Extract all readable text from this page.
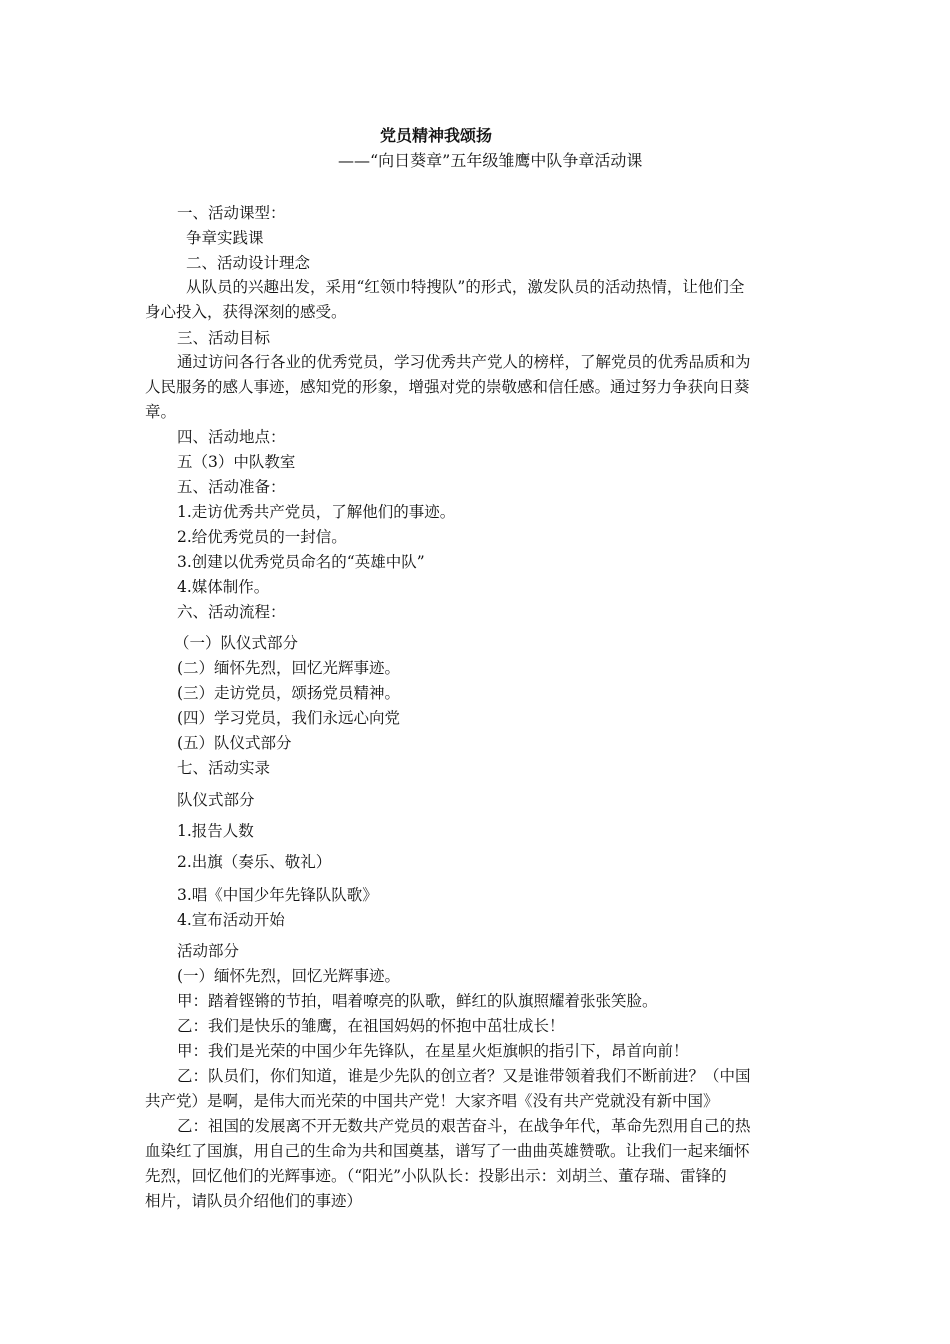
党员精神我颂扬
——“向日葵章”五年级雏鹰中队争章活动课
一、活动课型：
争章实践课
二、活动设计理念
从队员的兴趣出发，采用“红领巾特搜队”的形式，激发队员的活动热情，让他们全
身心投入，获得深刻的感受。
三、活动目标
通过访问各行各业的优秀党员，学习优秀共产党人的榜样，了解党员的优秀品质和为
人民服务的感人事迹，感知党的形象，增强对党的崇敬感和信任感。通过努力争获向日葵
章。
四、活动地点：
五（3）中队教室
五、活动准备：
1.走访优秀共产党员，了解他们的事迹。
2.给优秀党员的一封信。
3.创建以优秀党员命名的“英雄中队”
4.媒体制作。
六、活动流程：
（一）队仪式部分
(二）缅怀先烈，回忆光辉事迹。
(三）走访党员，颂扬党员精神。
(四）学习党员，我们永远心向党
(五）队仪式部分
七、活动实录
队仪式部分
1.报告人数
2.出旗（奏乐、敬礼）
3.唱《中国少年先锋队队歌》
4.宣布活动开始
活动部分
(一）缅怀先烈，回忆光辉事迹。
甲：踏着铿锵的节拍，唱着嘹亮的队歌，鲜红的队旗照耀着张张笑脸。
乙：我们是快乐的雏鹰，在祖国妈妈的怀抱中茁壮成长！
甲：我们是光荣的中国少年先锋队，在星星火炬旗帜的指引下，昂首向前！
乙：队员们，你们知道，谁是少先队的创立者？又是谁带领着我们不断前进？（中国
共产党）是啊，是伟大而光荣的中国共产党！大家齐唱《没有共产党就没有新中国》
乙：祖国的发展离不开无数共产党员的艰苦奋斗，在战争年代，革命先烈用自己的热
血染红了国旗，用自己的生命为共和国奠基，谱写了一曲曲英雄赞歌。让我们一起来缅怀
先烈，回忆他们的光辉事迹。（“阳光”小队队长：投影出示：刘胡兰、董存瑞、雷锋的
相片，请队员介绍他们的事迹）
